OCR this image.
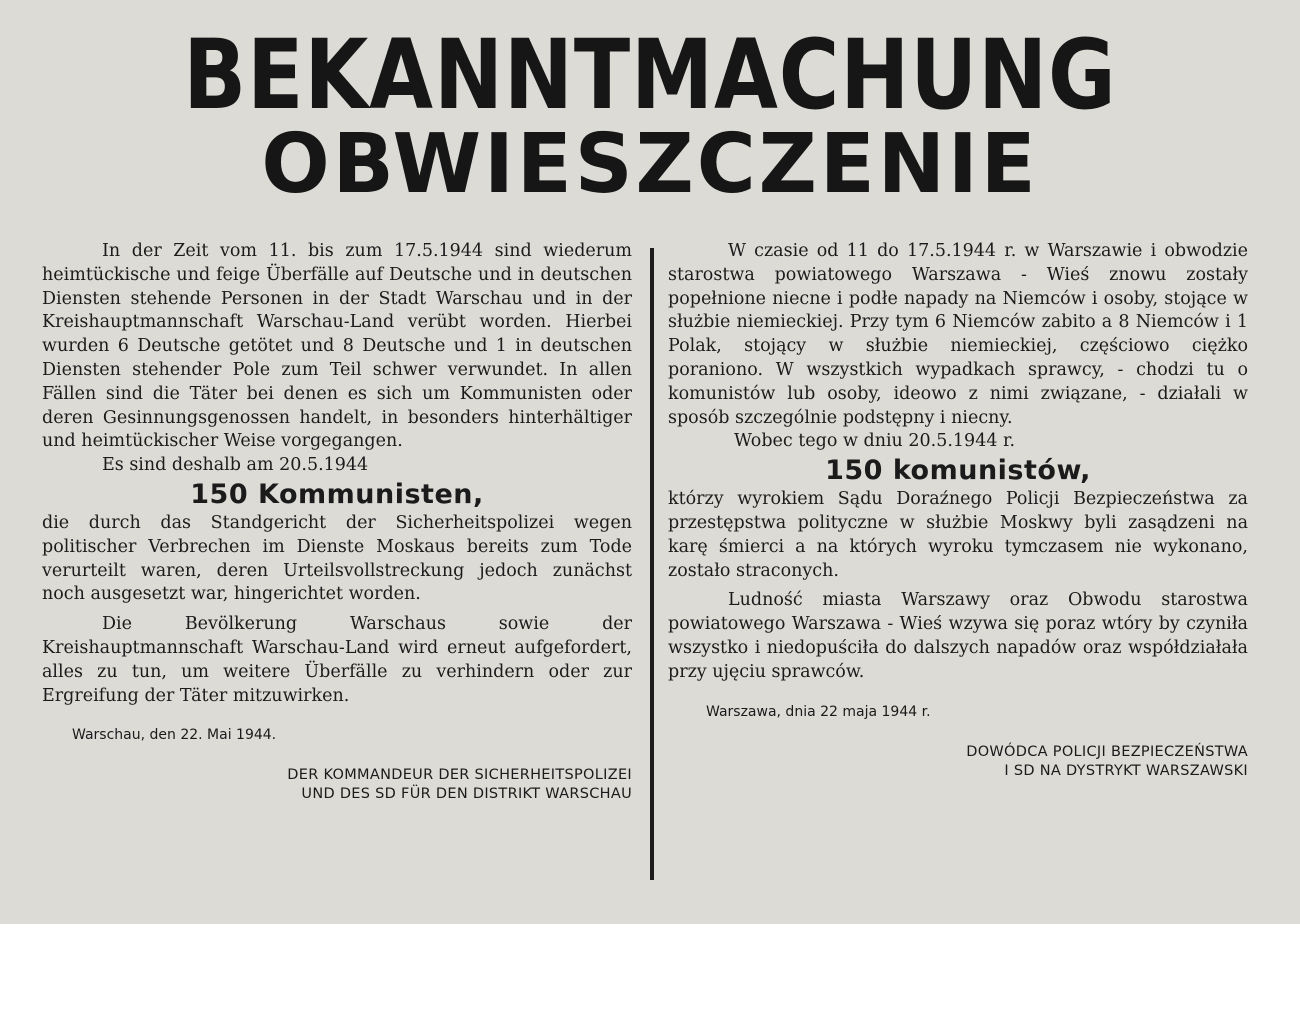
BEKANNTMACHUNG
OBWIESZCZENIE

In der Zeit vom 11. bis zum 17.5.1944 sind wiederum heimtückische und feige Überfälle auf Deutsche und in deutschen Diensten stehende Personen in der Stadt Warschau und in der Kreishauptmannschaft Warschau-Land verübt worden. Hierbei wurden 6 Deutsche getötet und 8 Deutsche und 1 in deutschen Diensten stehender Pole zum Teil schwer verwundet. In allen Fällen sind die Täter bei denen es sich um Kommunisten oder deren Gesinnungsgenossen handelt, in besonders hinterhältiger und heimtückischer Weise vorgegangen.

Es sind deshalb am 20.5.1944

150 Kommunisten,

die durch das Standgericht der Sicherheitspolizei wegen politischer Verbrechen im Dienste Moskaus bereits zum Tode verurteilt waren, deren Urteilsvollstreckung jedoch zunächst noch ausgesetzt war, hingerichtet worden.

Die Bevölkerung Warschaus sowie der Kreishauptmannschaft Warschau-Land wird erneut aufgefordert, alles zu tun, um weitere Überfälle zu verhindern oder zur Ergreifung der Täter mitzuwirken.

Warschau, den 22. Mai 1944.

DER KOMMANDEUR DER SICHERHEITSPOLIZEI

UND DES SD FÜR DEN DISTRIKT WARSCHAU

W czasie od 11 do 17.5.1944 r. w Warszawie i obwodzie starostwa powiatowego Warszawa - Wieś znowu zostały popełnione niecne i podłe napady na Niemców i osoby, stojące w służbie niemieckiej. Przy tym 6 Niemców zabito a 8 Niemców i 1 Polak, stojący w służbie niemieckiej, częściowo ciężko poraniono. W wszystkich wypadkach sprawcy, - chodzi tu o komunistów lub osoby, ideowo z nimi związane, - działali w sposób szczególnie podstępny i niecny.

Wobec tego w dniu 20.5.1944 r.

150 komunistów,

którzy wyrokiem Sądu Doraźnego Policji Bezpieczeństwa za przestępstwa polityczne w służbie Moskwy byli zasądzeni na karę śmierci a na których wyroku tymczasem nie wykonano, zostało straconych.

Ludność miasta Warszawy oraz Obwodu starostwa powiatowego Warszawa - Wieś wzywa się poraz wtóry by czyniła wszystko i niedopuściła do dalszych napadów oraz współdziałała przy ujęciu sprawców.

Warszawa, dnia 22 maja 1944 r.

DOWÓDCA POLICJI BEZPIECZEŃSTWA

I SD NA DYSTRYKT WARSZAWSKI
